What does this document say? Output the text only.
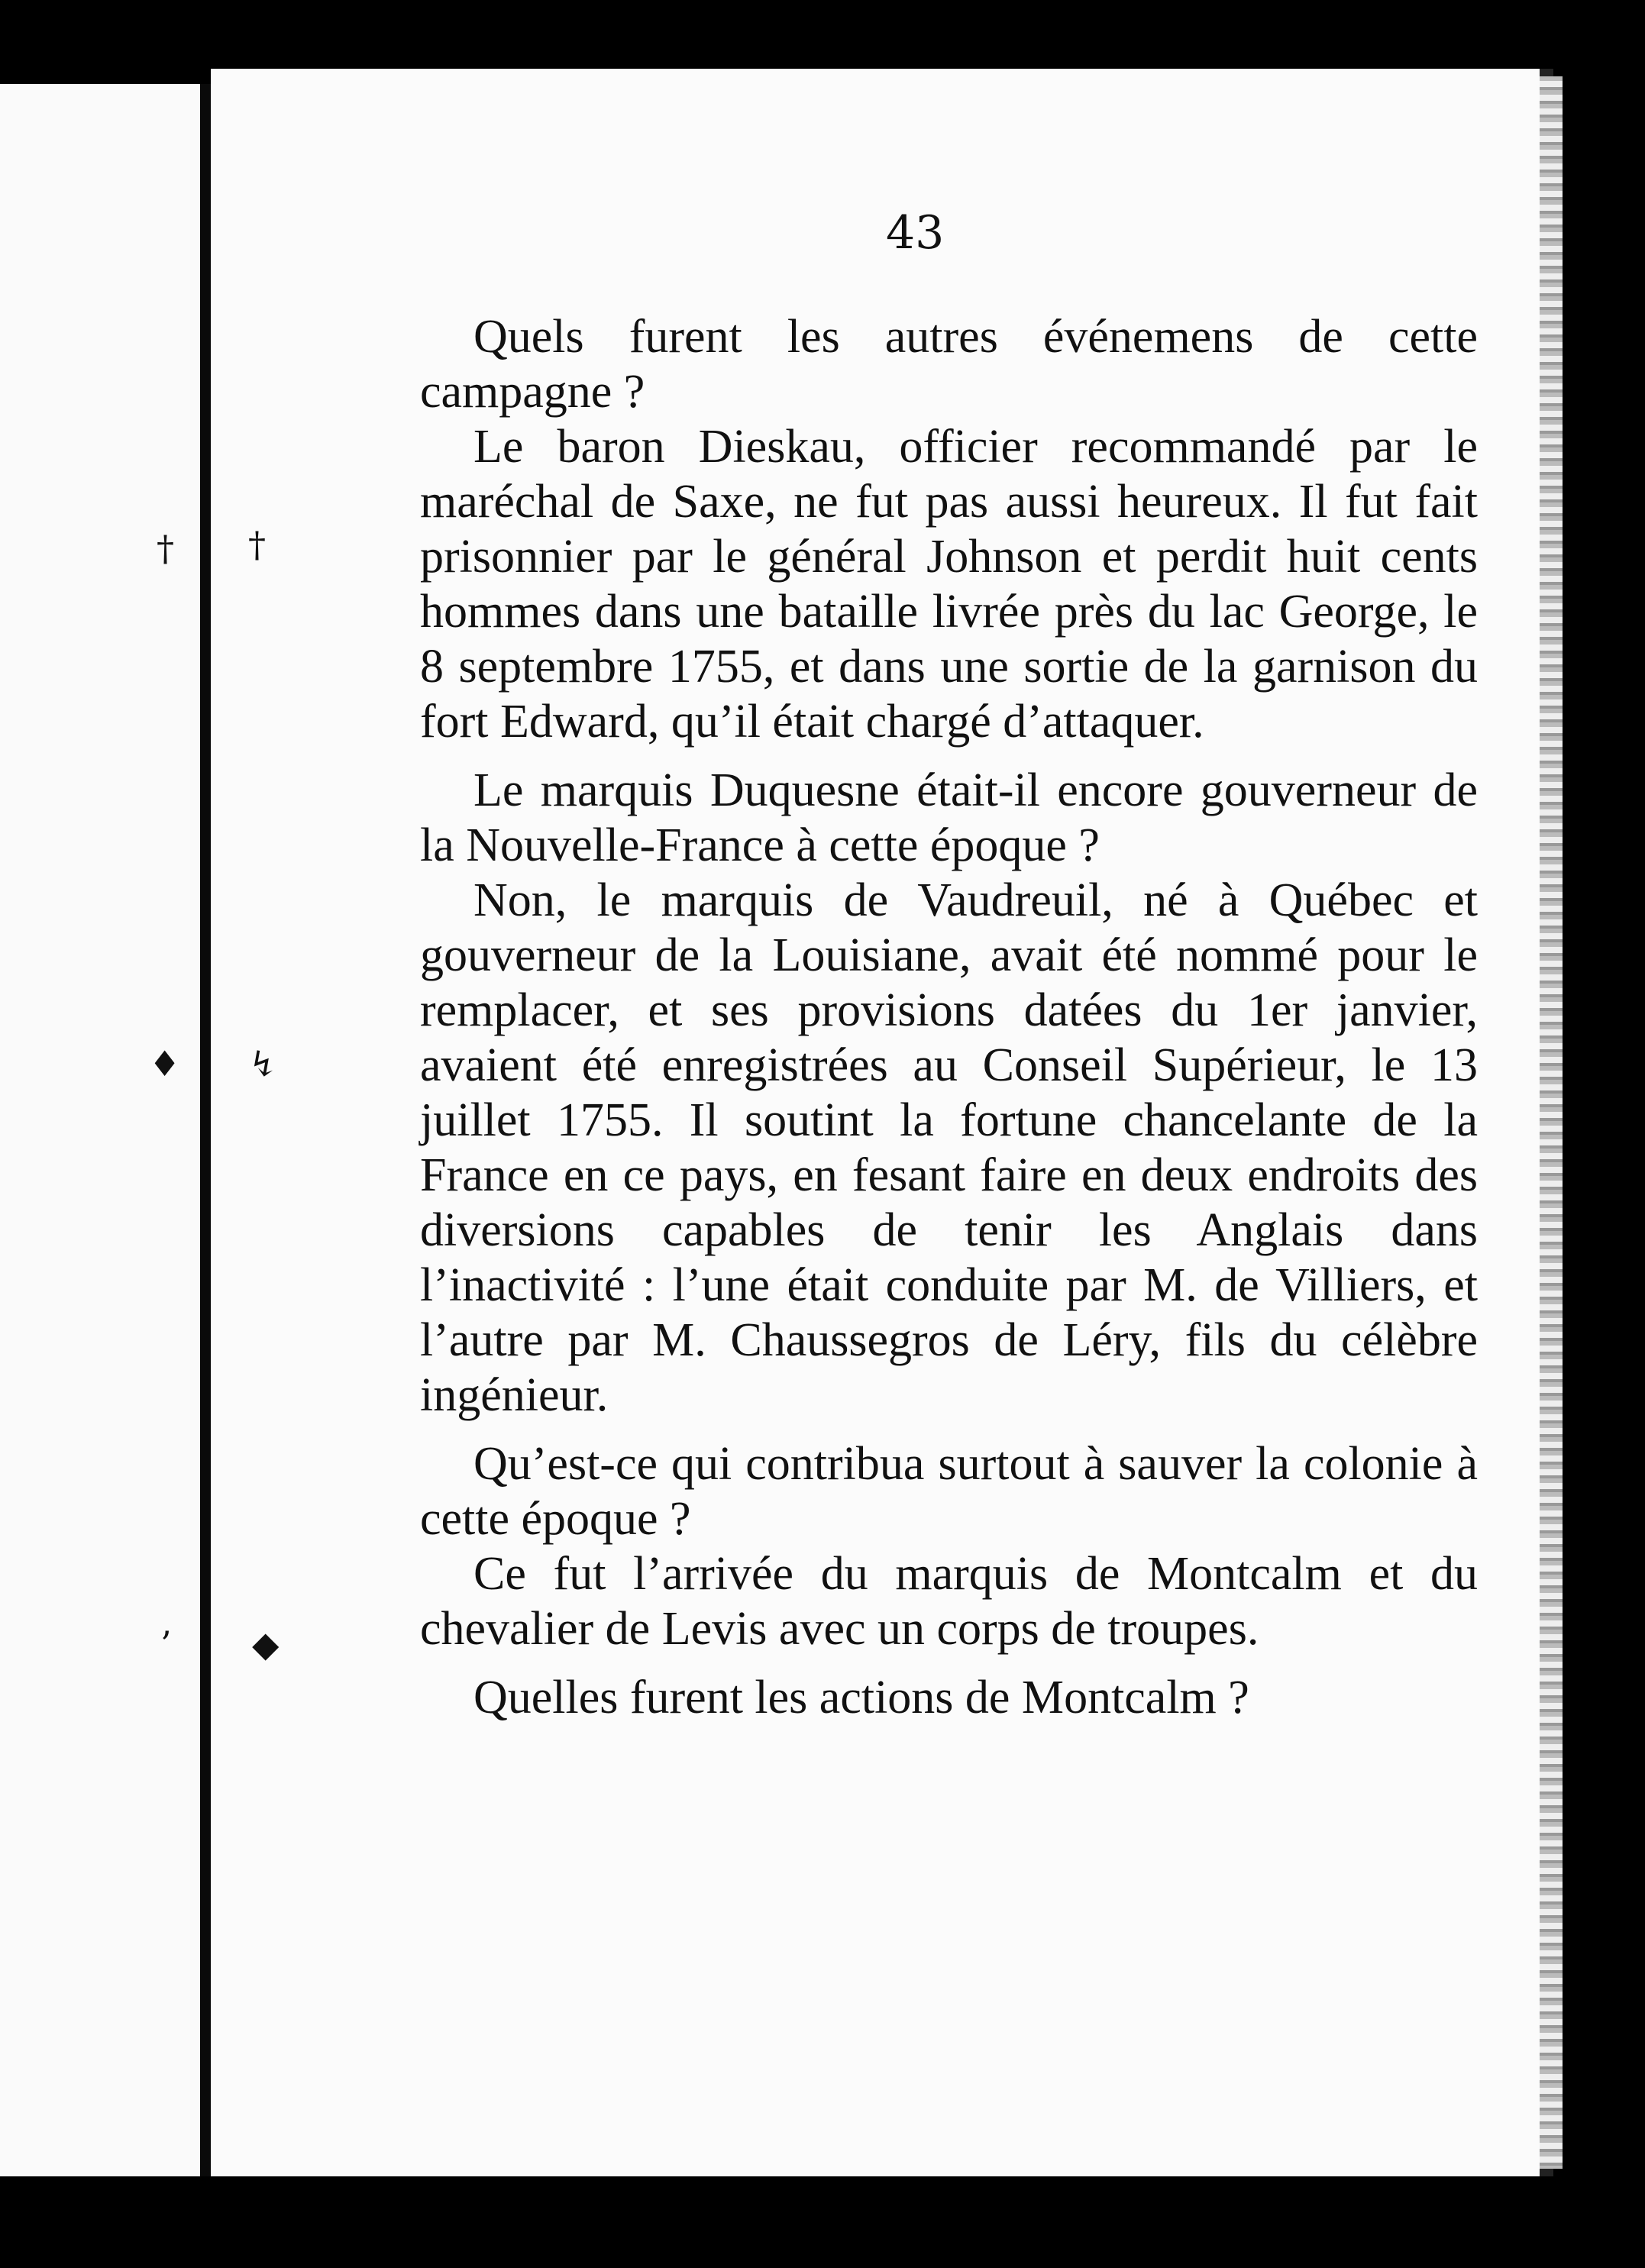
† †
♦ ↯
’ ◆
43

Quels furent les autres événemens de cette campagne ?

Le baron Dieskau, officier recommandé par le maréchal de Saxe, ne fut pas aussi heureux. Il fut fait prisonnier par le général Johnson et perdit huit cents hommes dans une bataille livrée près du lac George, le 8 septembre 1755, et dans une sortie de la garnison du fort Edward, qu’il était chargé d’attaquer.

Le marquis Duquesne était-il encore gouverneur de la Nouvelle-France à cette époque ?

Non, le marquis de Vaudreuil, né à Québec et gouverneur de la Louisiane, avait été nommé pour le remplacer, et ses provisions datées du 1er janvier, avaient été enregistrées au Conseil Supérieur, le 13 juillet 1755. Il soutint la fortune chancelante de la France en ce pays, en fesant faire en deux endroits des diversions capables de tenir les Anglais dans l’inactivité : l’une était conduite par M. de Villiers, et l’autre par M. Chaussegros de Léry, fils du célèbre ingénieur.

Qu’est-ce qui contribua surtout à sauver la colonie à cette époque ?

Ce fut l’arrivée du marquis de Montcalm et du chevalier de Levis avec un corps de troupes.

Quelles furent les actions de Montcalm ?
